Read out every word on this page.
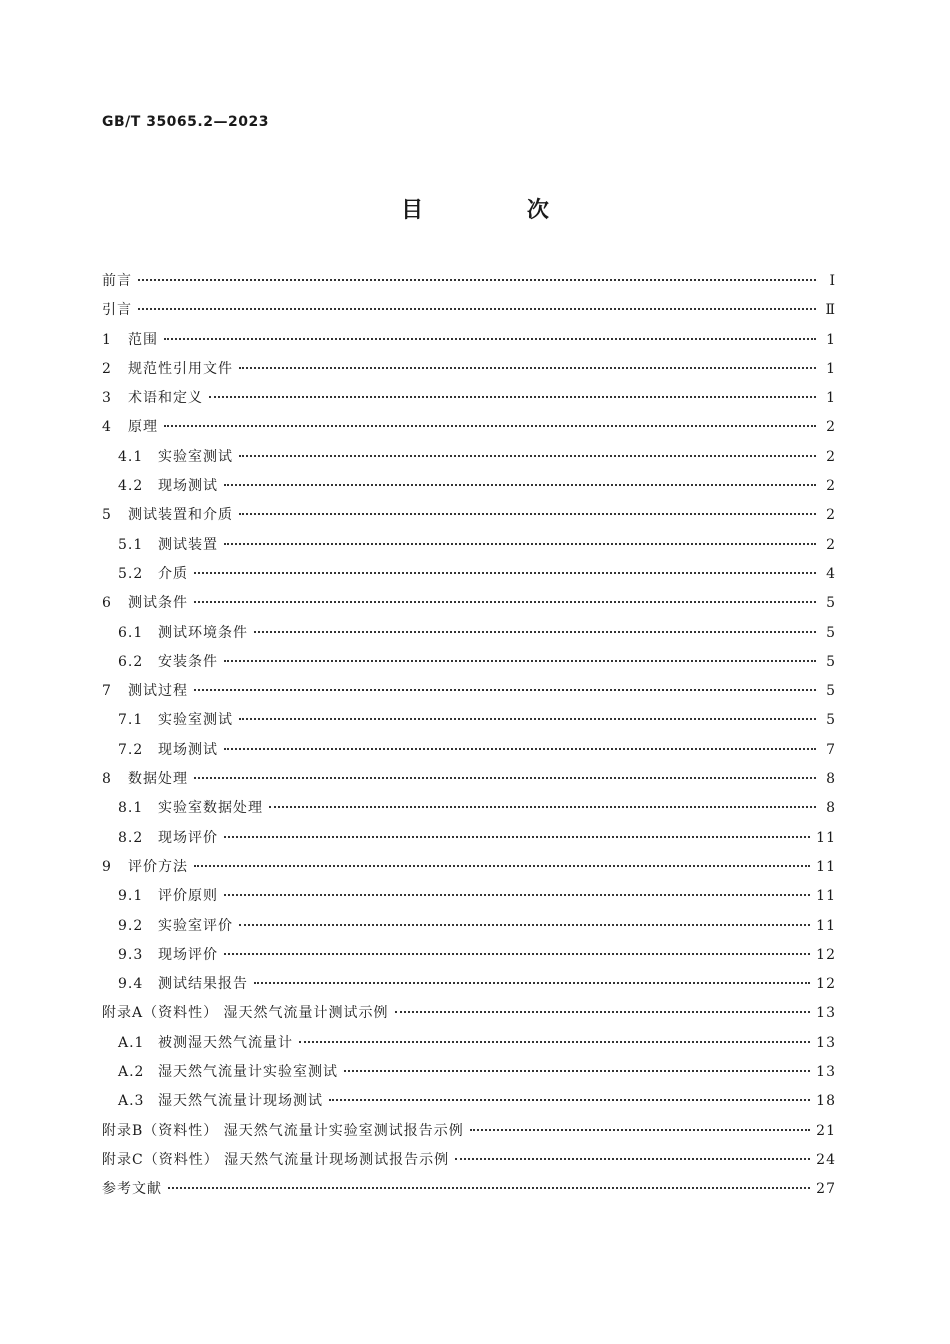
GB/T 35065.2—2023
目 次
前言	Ⅰ
引言	Ⅱ
1	范围	1
2	规范性引用文件	1
3	术语和定义	1
4	原理	2
4.1	实验室测试	2
4.2	现场测试	2
5	测试装置和介质	2
5.1	测试装置	2
5.2	介质	4
6	测试条件	5
6.1	测试环境条件	5
6.2	安装条件	5
7	测试过程	5
7.1	实验室测试	5
7.2	现场测试	7
8	数据处理	8
8.1	实验室数据处理	8
8.2	现场评价	11
9	评价方法	11
9.1	评价原则	11
9.2	实验室评价	11
9.3	现场评价	12
9.4	测试结果报告	12
附录A（资料性） 湿天然气流量计测试示例	13
A.1 被测湿天然气流量计	13
A.2 湿天然气流量计实验室测试	13
A.3 湿天然气流量计现场测试	18
附录B（资料性） 湿天然气流量计实验室测试报告示例	21
附录C（资料性） 湿天然气流量计现场测试报告示例	24
参考文献	27
